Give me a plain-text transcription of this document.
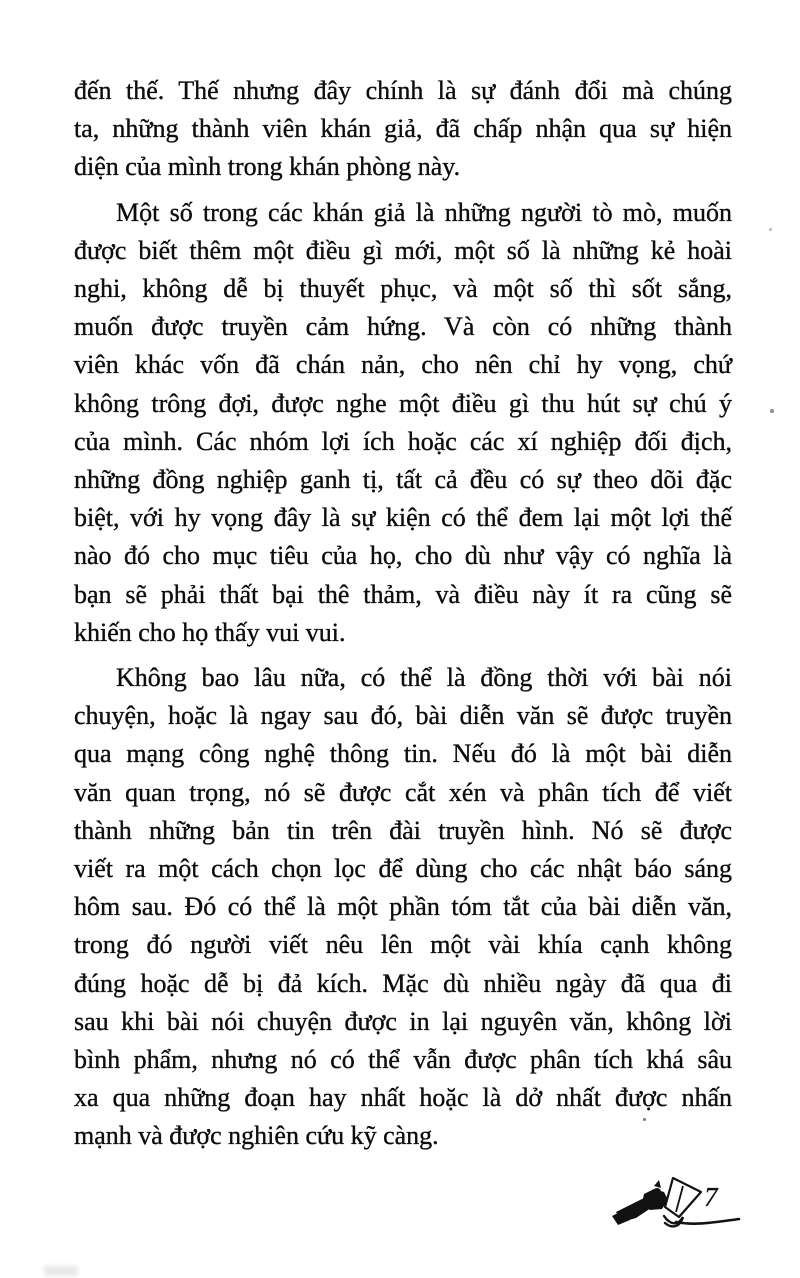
đến thế. Thế nhưng đây chính là sự đánh đổi mà chúng
ta, những thành viên khán giả, đã chấp nhận qua sự hiện
diện của mình trong khán phòng này.

Một số trong các khán giả là những người tò mò, muốn
được biết thêm một điều gì mới, một số là những kẻ hoài
nghi, không dễ bị thuyết phục, và một số thì sốt sắng,
muốn được truyền cảm hứng. Và còn có những thành
viên khác vốn đã chán nản, cho nên chỉ hy vọng, chứ
không trông đợi, được nghe một điều gì thu hút sự chú ý
của mình. Các nhóm lợi ích hoặc các xí nghiệp đối địch,
những đồng nghiệp ganh tị, tất cả đều có sự theo dõi đặc
biệt, với hy vọng đây là sự kiện có thể đem lại một lợi thế
nào đó cho mục tiêu của họ, cho dù như vậy có nghĩa là
bạn sẽ phải thất bại thê thảm, và điều này ít ra cũng sẽ
khiến cho họ thấy vui vui.

Không bao lâu nữa, có thể là đồng thời với bài nói
chuyện, hoặc là ngay sau đó, bài diễn văn sẽ được truyền
qua mạng công nghệ thông tin. Nếu đó là một bài diễn
văn quan trọng, nó sẽ được cắt xén và phân tích để viết
thành những bản tin trên đài truyền hình. Nó sẽ được
viết ra một cách chọn lọc để dùng cho các nhật báo sáng
hôm sau. Đó có thể là một phần tóm tắt của bài diễn văn,
trong đó người viết nêu lên một vài khía cạnh không
đúng hoặc dễ bị đả kích. Mặc dù nhiều ngày đã qua đi
sau khi bài nói chuyện được in lại nguyên văn, không lời
bình phẩm, nhưng nó có thể vẫn được phân tích khá sâu
xa qua những đoạn hay nhất hoặc là dở nhất được nhấn
mạnh và được nghiên cứu kỹ càng.

7
